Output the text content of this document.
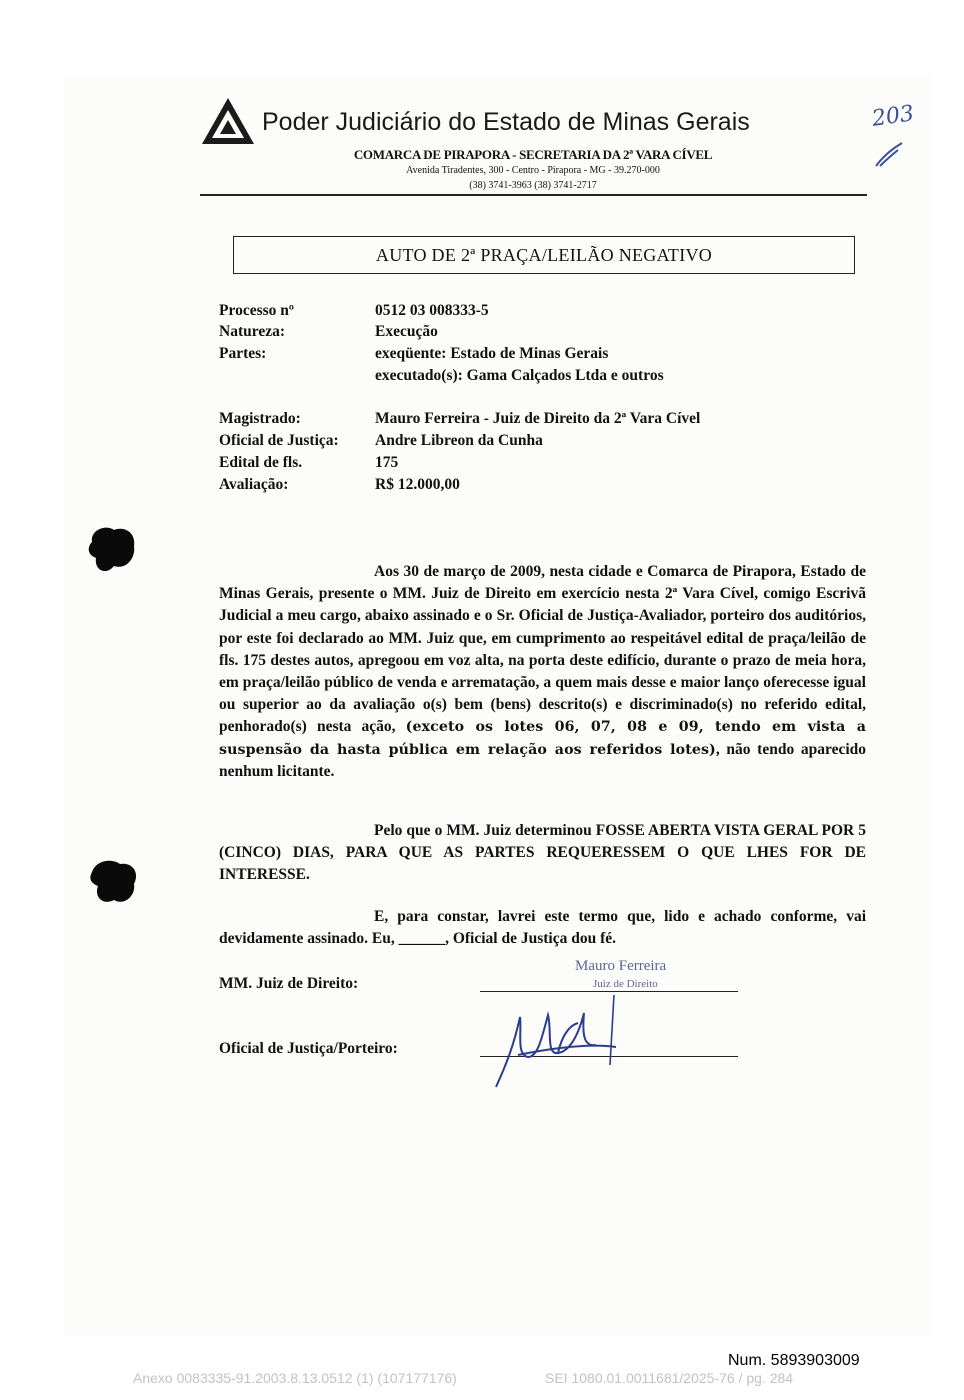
Poder Judiciário do Estado de Minas Gerais
COMARCA DE PIRAPORA - SECRETARIA DA 2ª VARA CÍVEL
Avenida Tiradentes, 300 - Centro - Pirapora - MG - 39.270-000
(38) 3741-3963 (38) 3741-2717
203
AUTO DE 2ª PRAÇA/LEILÃO NEGATIVO
Processo nº	0512 03 008333-5
Natureza:	Execução
Partes:	exeqüente: Estado de Minas Gerais
executado(s): Gama Calçados Ltda e outros
Magistrado:	Mauro Ferreira - Juiz de Direito da 2ª Vara Cível
Oficial de Justiça: Andre Libreon da Cunha
Edital de fls.	175
Avaliação:	R$ 12.000,00
Aos 30 de março de 2009, nesta cidade e Comarca de Pirapora, Estado de Minas Gerais, presente o MM. Juiz de Direito em exercício nesta 2ª Vara Cível, comigo Escrivã Judicial a meu cargo, abaixo assinado e o Sr. Oficial de Justiça-Avaliador, porteiro dos auditórios, por este foi declarado ao MM. Juiz que, em cumprimento ao respeitável edital de praça/leilão de fls. 175 destes autos, apregoou em voz alta, na porta deste edifício, durante o prazo de meia hora, em praça/leilão público de venda e arrematação, a quem mais desse e maior lanço oferecesse igual ou superior ao da avaliação o(s) bem (bens) descrito(s) e discriminado(s) no referido edital, penhorado(s) nesta ação, (exceto os lotes 06, 07, 08 e 09, tendo em vista a suspensão da hasta pública em relação aos referidos lotes), não tendo aparecido nenhum licitante.
Pelo que o MM. Juiz determinou FOSSE ABERTA VISTA GERAL POR 5 (CINCO) DIAS, PARA QUE AS PARTES REQUERESSEM O QUE LHES FOR DE INTERESSE.
E, para constar, lavrei este termo que, lido e achado conforme, vai devidamente assinado. Eu, ______, Oficial de Justiça dou fé.
MM. Juiz de Direito:
Mauro Ferreira
Juiz de Direito
Oficial de Justiça/Porteiro:
Num. 5893903009
Anexo 0083335-91.2003.8.13.0512 (1) (107177176)	SEI 1080.01.0011681/2025-76 / pg. 284
